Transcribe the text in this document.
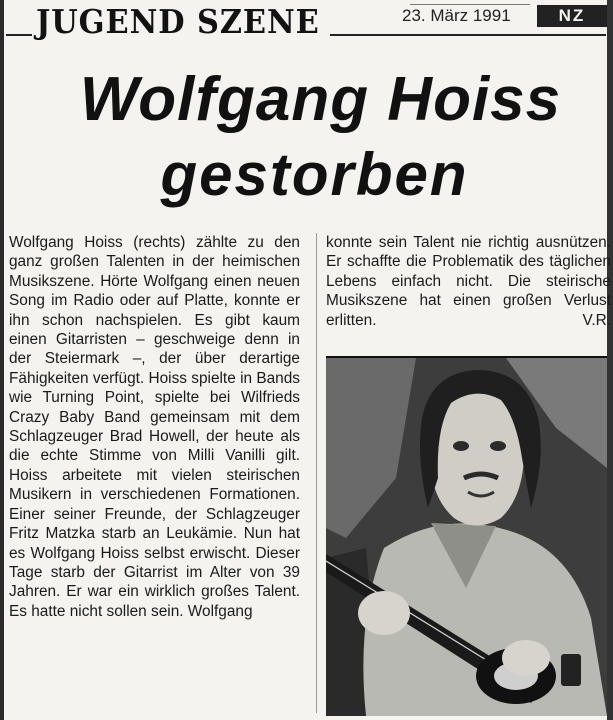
JUGEND SZENE	23. März 1991	NZ
Wolfgang Hoiss
gestorben
Wolfgang Hoiss (rechts) zählte zu den ganz großen Talenten in der heimischen Musikszene. Hörte Wolfgang einen neuen Song im Radio oder auf Platte, konnte er ihn schon nachspielen. Es gibt kaum einen Gitarristen – geschweige denn in der Steiermark –, der über derartige Fähigkeiten verfügt. Hoiss spielte in Bands wie Turning Point, spielte bei Wilfrieds Crazy Baby Band gemeinsam mit dem Schlagzeuger Brad Howell, der heute als die echte Stimme von Milli Vanilli gilt. Hoiss arbeitete mit vielen steirischen Musikern in verschiedenen Formationen. Einer seiner Freunde, der Schlagzeuger Fritz Matzka starb an Leukämie. Nun hat es Wolfgang Hoiss selbst erwischt. Dieser Tage starb der Gitarrist im Alter von 39 Jahren. Er war ein wirklich großes Talent. Es hatte nicht sollen sein. Wolfgang
konnte sein Talent nie richtig ausnützen. Er schaffte die Problematik des täglichen Lebens einfach nicht. Die steirische Musikszene hat einen großen Verlust erlitten.	V.R.
